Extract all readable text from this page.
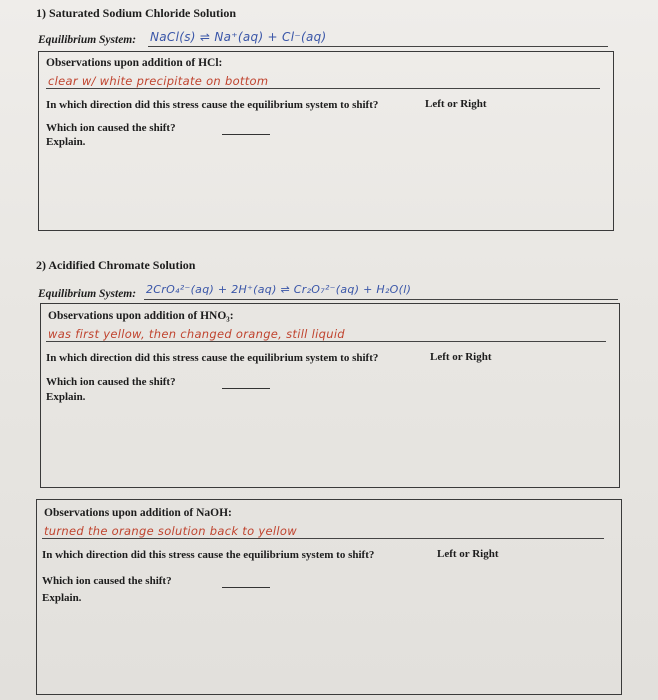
1) Saturated Sodium Chloride Solution
Equilibrium System: NaCl(s) ⇌ Na⁺(aq) + Cl⁻(aq)
Observations upon addition of HCl:
clear w/ white precipitate on bottom
In which direction did this stress cause the equilibrium system to shift?	Left or Right
Which ion caused the shift?
Explain.
2) Acidified Chromate Solution
Equilibrium System: 2CrO₄²⁻(aq) + 2H⁺(aq) ⇌ Cr₂O₇²⁻(aq) + H₂O(l)
Observations upon addition of HNO₃:
was first yellow, then changed orange, still liquid
In which direction did this stress cause the equilibrium system to shift?	Left or Right
Which ion caused the shift?
Explain.
Observations upon addition of NaOH:
turned the orange solution back to yellow
In which direction did this stress cause the equilibrium system to shift?	Left or Right
Which ion caused the shift?
Explain.
